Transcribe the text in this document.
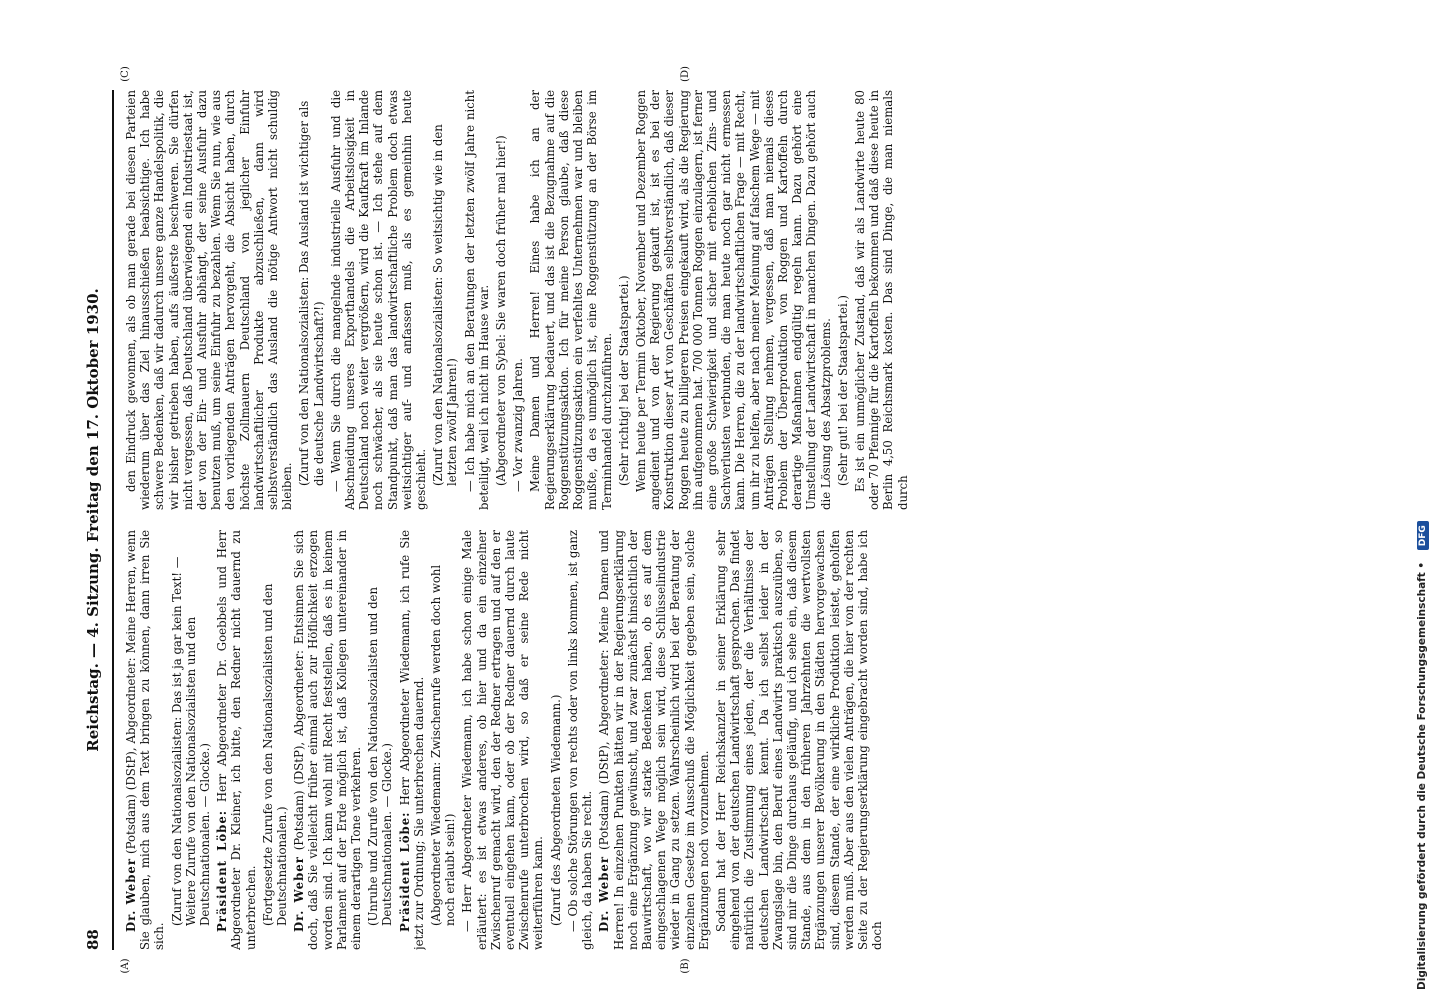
88
Reichstag. — 4. Sitzung. Freitag den 17. Oktober 1930.
(A)	(B)
(C)	(D)

Dr. Weber (Potsdam) (DStP), Abgeordneter: Meine Herren, wenn Sie glauben, mich aus dem Text bringen zu können, dann irren Sie sich.

(Zuruf von den Nationalsozialisten: Das ist ja gar kein Text! — Weitere Zurufe von den Nationalsozialisten und den Deutschnationalen. — Glocke.) Präsident Löbe: Herr Abgeordneter Dr. Goebbels und Herr Abgeordneter Dr. Kleiner, ich bitte, den Redner nicht dauernd zu unterbrechen. (Fortgesetzte Zurufe von den Nationalsozialisten und den Deutschnationalen.) Dr. Weber (Potsdam) (DStP), Abgeordneter: Entsinnen Sie sich doch, daß Sie vielleicht früher einmal auch zur Höflichkeit erzogen worden sind. Ich kann wohl mit Recht feststellen, daß es in keinem Parlament auf der Erde möglich ist, daß Kollegen untereinander in einem derartigen Tone verkehren. (Unruhe und Zurufe von den Nationalsozialisten und den Deutschnationalen. — Glocke.) Präsident Löbe: Herr Abgeordneter Wiedemann, ich rufe Sie jetzt zur Ordnung; Sie unterbrechen dauernd. (Abgeordneter Wiedemann: Zwischenrufe werden doch wohl noch erlaubt sein!) — Herr Abgeordneter Wiedemann, ich habe schon einige Male erläutert: es ist etwas anderes, ob hier und da ein einzelner Zwischenruf gemacht wird, den der Redner ertragen und auf den er eventuell eingehen kann, oder ob der Redner dauernd durch laute Zwischenrufe unterbrochen wird, so daß er seine Rede nicht weiterführen kann. (Zuruf des Abgeordneten Wiedemann.) — Ob solche Störungen von rechts oder von links kommen, ist ganz gleich, da haben Sie recht. Dr. Weber (Potsdam) (DStP), Abgeordneter: Meine Damen und Herren! In einzelnen Punkten hätten wir in der Regierungserklärung noch eine Ergänzung gewünscht, und zwar zunächst hinsichtlich der Bauwirtschaft, wo wir starke Bedenken haben, ob es auf dem eingeschlagenen Wege möglich sein wird, diese Schlüsselindustrie wieder in Gang zu setzen. Wahrscheinlich wird bei der Beratung der einzelnen Gesetze im Ausschuß die Möglichkeit gegeben sein, solche Ergänzungen noch vorzunehmen. Sodann hat der Herr Reichskanzler in seiner Erklärung sehr eingehend von der deutschen Landwirtschaft gesprochen. Das findet natürlich die Zustimmung eines jeden, der die Verhältnisse der deutschen Landwirtschaft kennt. Da ich selbst leider in der Zwangslage bin, den Beruf eines Landwirts praktisch auszuüben, so sind mir die Dinge durchaus geläufig, und ich sehe ein, daß diesem Stande, aus dem in den früheren Jahrzehnten die wertvollsten Ergänzungen unserer Bevölkerung in den Städten hervorgewachsen sind, diesem Stande, der eine wirkliche Produktion leistet, geholfen werden muß. Aber aus den vielen Anträgen, die hier von der rechten Seite zu der Regierungserklärung eingebracht worden sind, habe ich doch

den Eindruck gewonnen, als ob man gerade bei diesen Parteien wiederum über das Ziel hinausschießen beabsichtige. Ich habe schwere Bedenken, daß wir dadurch unsere ganze Handelspolitik, die wir bisher getrieben haben, aufs äußerste beschweren. Sie dürfen nicht vergessen, daß Deutschland überwiegend ein Industriestaat ist, der von der Ein- und Ausfuhr abhängt, der seine Ausfuhr dazu benutzen muß, um seine Einfuhr zu bezahlen. Wenn Sie nun, wie aus den vorliegenden Anträgen hervorgeht, die Absicht haben, durch höchste Zollmauern Deutschland von jeglicher Einfuhr landwirtschaftlicher Produkte abzuschließen, dann wird selbstverständlich das Ausland die nötige Antwort nicht schuldig bleiben.

(Zuruf von den Nationalsozialisten: Das Ausland ist wichtiger als die deutsche Landwirtschaft?!) — Wenn Sie durch die mangelnde industrielle Ausfuhr und die Abschneidung unseres Exporthandels die Arbeitslosigkeit in Deutschland noch weiter vergrößern, wird die Kaufkraft im Inlande noch schwächer, als sie heute schon ist. — Ich stehe auf dem Standpunkt, daß man das landwirtschaftliche Problem doch etwas weitsichtiger auf- und anfassen muß, als es gemeinhin heute geschieht. (Zuruf von den Nationalsozialisten: So weitsichtig wie in den letzten zwölf Jahren!) — Ich habe mich an den Beratungen der letzten zwölf Jahre nicht beteiligt, weil ich nicht im Hause war. (Abgeordneter von Sybel: Sie waren doch früher mal hier!) — Vor zwanzig Jahren. Meine Damen und Herren! Eines habe ich an der Regierungserklärung bedauert, und das ist die Bezugnahme auf die Roggenstützungsaktion. Ich für meine Person glaube, daß diese Roggenstützungsaktion ein verfehltes Unternehmen war und bleiben mußte, da es unmöglich ist, eine Roggenstützung an der Börse im Terminhandel durchzuführen. (Sehr richtig! bei der Staatspartei.) Wenn heute per Termin Oktober, November und Dezember Roggen angedient und von der Regierung gekauft ist, ist es bei der Konstruktion dieser Art von Geschäften selbstverständlich, daß dieser Roggen heute zu billigeren Preisen eingekauft wird, als die Regierung ihn aufgenommen hat. 700 000 Tonnen Roggen einzulagern, ist ferner eine große Schwierigkeit und sicher mit erheblichen Zins- und Sachverlusten verbunden, die man heute noch gar nicht ermessen kann. Die Herren, die zu der landwirtschaftlichen Frage — mit Recht, um ihr zu helfen, aber nach meiner Meinung auf falschem Wege — mit Anträgen Stellung nehmen, vergessen, daß man niemals dieses Problem der Überproduktion von Roggen und Kartoffeln durch derartige Maßnahmen endgültig regeln kann. Dazu gehört eine Umstellung der Landwirtschaft in manchen Dingen. Dazu gehört auch die Lösung des Absatzproblems. (Sehr gut! bei der Staatspartei.) Es ist ein unmöglicher Zustand, daß wir als Landwirte heute 80 oder 70 Pfennige für die Kartoffeln bekommen und daß diese heute in Berlin 4,50 Reichsmark kosten. Das sind Dinge, die man niemals durch

Digitalisierung gefördert durch die Deutsche Forschungsgemeinschaft • DFG
